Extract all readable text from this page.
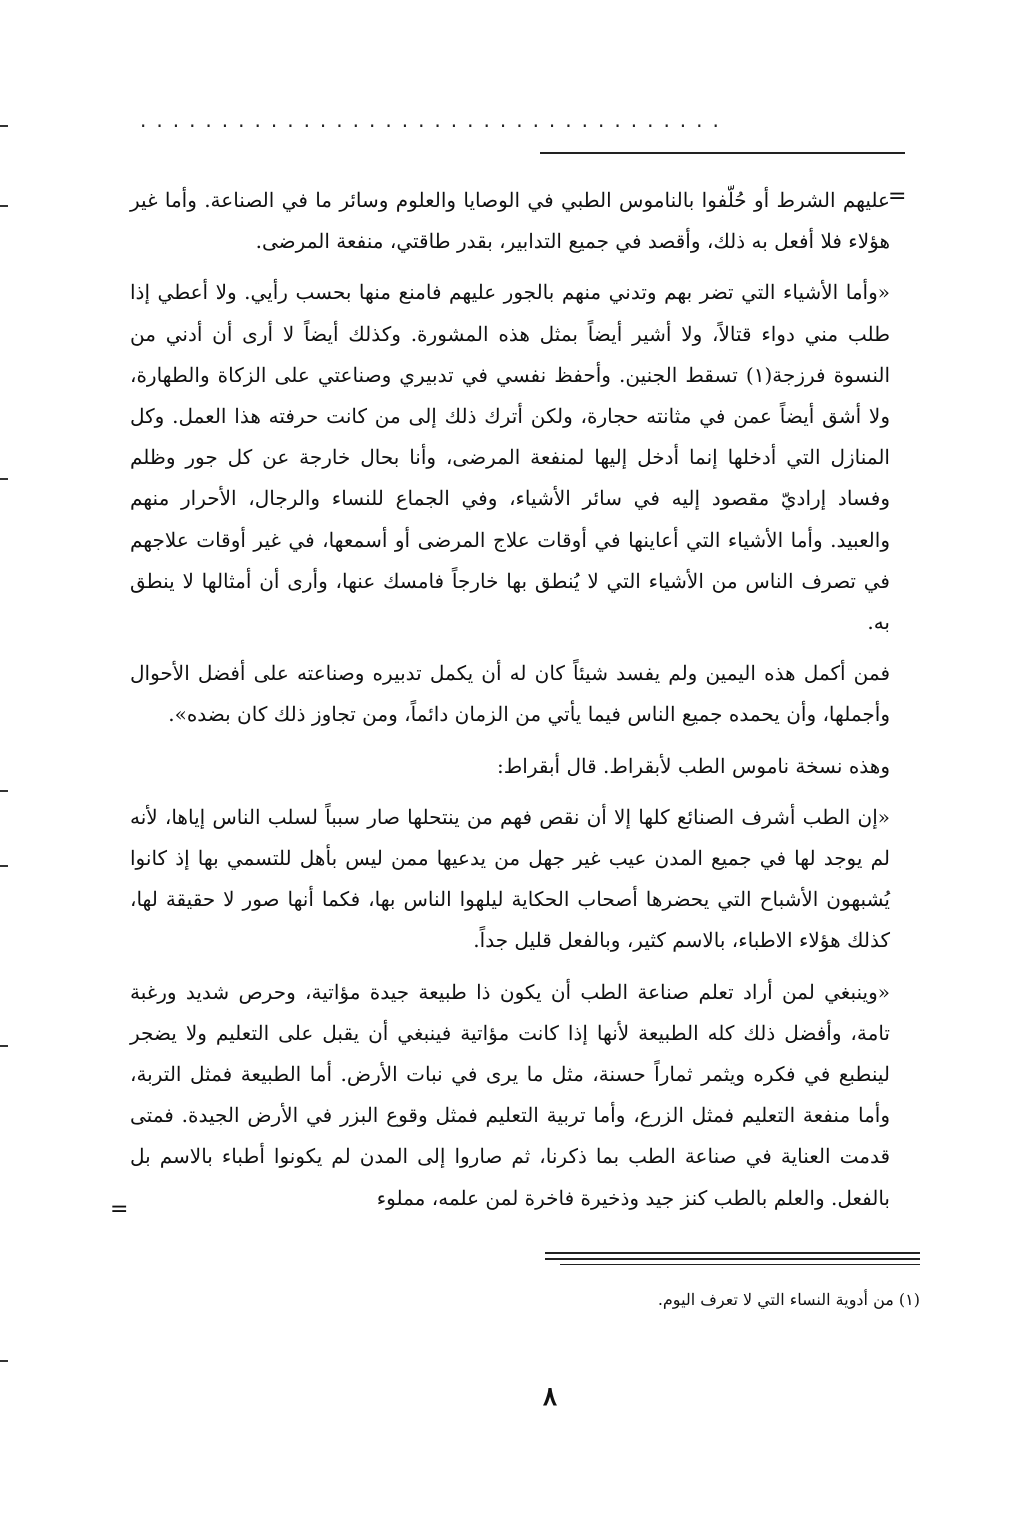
....................................
=

عليهم الشرط أو حُلّفوا بالناموس الطبي في الوصايا والعلوم وسائر ما في الصناعة. وأما غير هؤلاء فلا أفعل به ذلك، وأقصد في جميع التدابير، بقدر طاقتي، منفعة المرضى.

«وأما الأشياء التي تضر بهم وتدني منهم بالجور عليهم فامنع منها بحسب رأيي. ولا أعطي إذا طلب مني دواء قتالاً، ولا أشير أيضاً بمثل هذه المشورة. وكذلك أيضاً لا أرى أن أدني من النسوة فرزجة(١) تسقط الجنين. وأحفظ نفسي في تدبيري وصناعتي على الزكاة والطهارة، ولا أشق أيضاً عمن في مثانته حجارة، ولكن أترك ذلك إلى من كانت حرفته هذا العمل. وكل المنازل التي أدخلها إنما أدخل إليها لمنفعة المرضى، وأنا بحال خارجة عن كل جور وظلم وفساد إراديّ مقصود إليه في سائر الأشياء، وفي الجماع للنساء والرجال، الأحرار منهم والعبيد. وأما الأشياء التي أعاينها في أوقات علاج المرضى أو أسمعها، في غير أوقات علاجهم في تصرف الناس من الأشياء التي لا يُنطق بها خارجاً فامسك عنها، وأرى أن أمثالها لا ينطق به.

فمن أكمل هذه اليمين ولم يفسد شيئاً كان له أن يكمل تدبيره وصناعته على أفضل الأحوال وأجملها، وأن يحمده جميع الناس فيما يأتي من الزمان دائماً، ومن تجاوز ذلك كان بضده».

وهذه نسخة ناموس الطب لأبقراط. قال أبقراط:

«إن الطب أشرف الصنائع كلها إلا أن نقص فهم من ينتحلها صار سبباً لسلب الناس إياها، لأنه لم يوجد لها في جميع المدن عيب غير جهل من يدعيها ممن ليس بأهل للتسمي بها إذ كانوا يُشبهون الأشباح التي يحضرها أصحاب الحكاية ليلهوا الناس بها، فكما أنها صور لا حقيقة لها، كذلك هؤلاء الاطباء، بالاسم كثير، وبالفعل قليل جداً.

«وينبغي لمن أراد تعلم صناعة الطب أن يكون ذا طبيعة جيدة مؤاتية، وحرص شديد ورغبة تامة، وأفضل ذلك كله الطبيعة لأنها إذا كانت مؤاتية فينبغي أن يقبل على التعليم ولا يضجر لينطبع في فكره ويثمر ثماراً حسنة، مثل ما يرى في نبات الأرض. أما الطبيعة فمثل التربة، وأما منفعة التعليم فمثل الزرع، وأما تربية التعليم فمثل وقوع البزر في الأرض الجيدة. فمتى قدمت العناية في صناعة الطب بما ذكرنا، ثم صاروا إلى المدن لم يكونوا أطباء بالاسم بل بالفعل. والعلم بالطب كنز جيد وذخيرة فاخرة لمن علمه، مملوء

=
(١) من أدوية النساء التي لا تعرف اليوم.
٨
